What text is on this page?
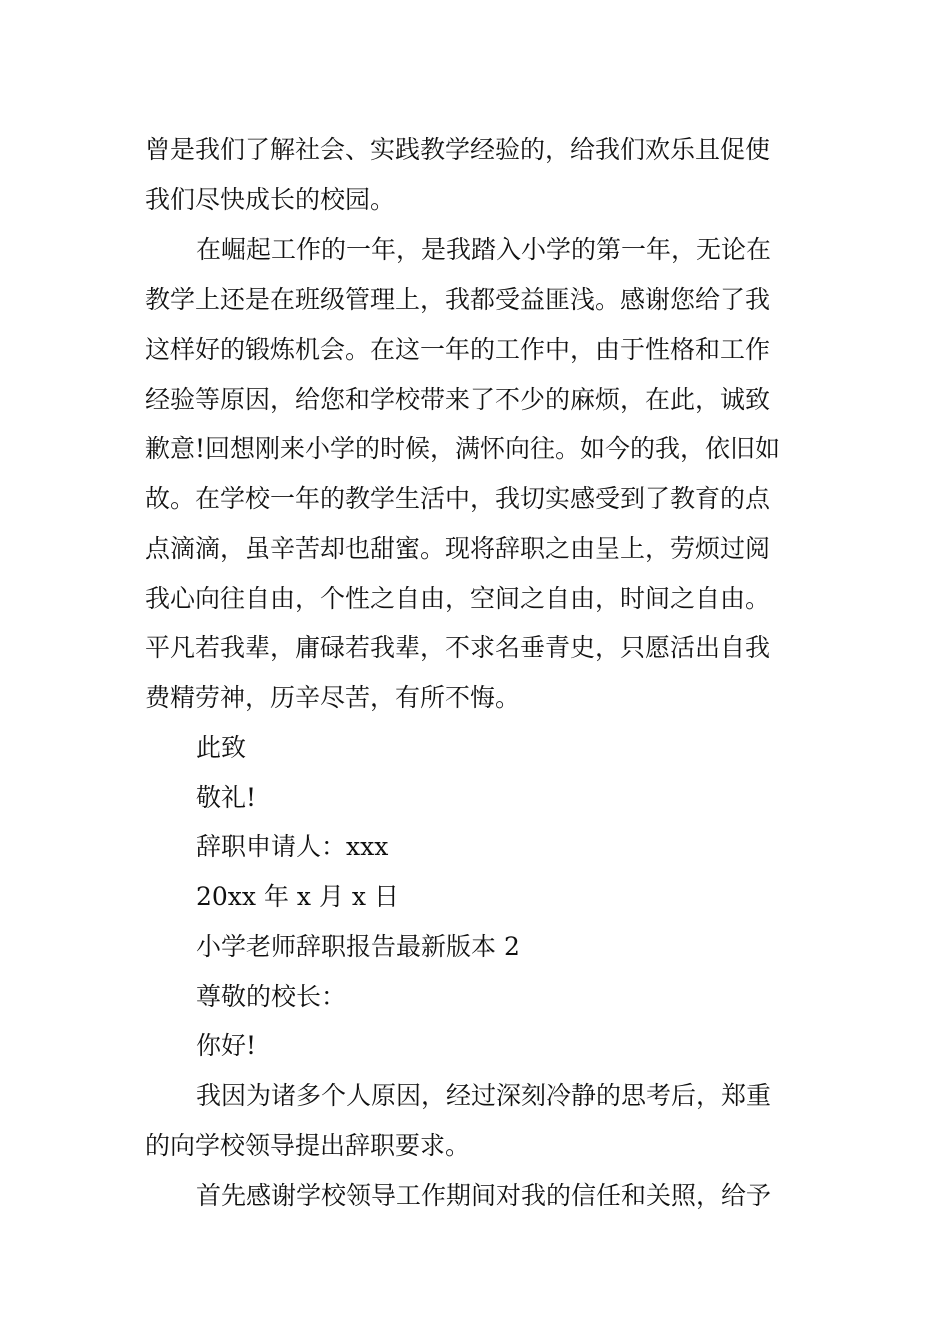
曾是我们了解社会、实践教学经验的，给我们欢乐且促使
我们尽快成长的校园。
在崛起工作的一年，是我踏入小学的第一年，无论在
教学上还是在班级管理上，我都受益匪浅。感谢您给了我
这样好的锻炼机会。在这一年的工作中，由于性格和工作
经验等原因，给您和学校带来了不少的麻烦，在此，诚致
歉意!回想刚来小学的时候，满怀向往。如今的我，依旧如
故。在学校一年的教学生活中，我切实感受到了教育的点
点滴滴，虽辛苦却也甜蜜。现将辞职之由呈上，劳烦过阅
我心向往自由，个性之自由，空间之自由，时间之自由。
平凡若我辈，庸碌若我辈，不求名垂青史，只愿活出自我
费精劳神，历辛尽苦，有所不悔。
此致
敬礼!
辞职申请人：xxx
20xx 年 x 月 x 日
小学老师辞职报告最新版本 2
尊敬的校长：
你好!
我因为诸多个人原因，经过深刻冷静的思考后，郑重
的向学校领导提出辞职要求。
首先感谢学校领导工作期间对我的信任和关照，给予
